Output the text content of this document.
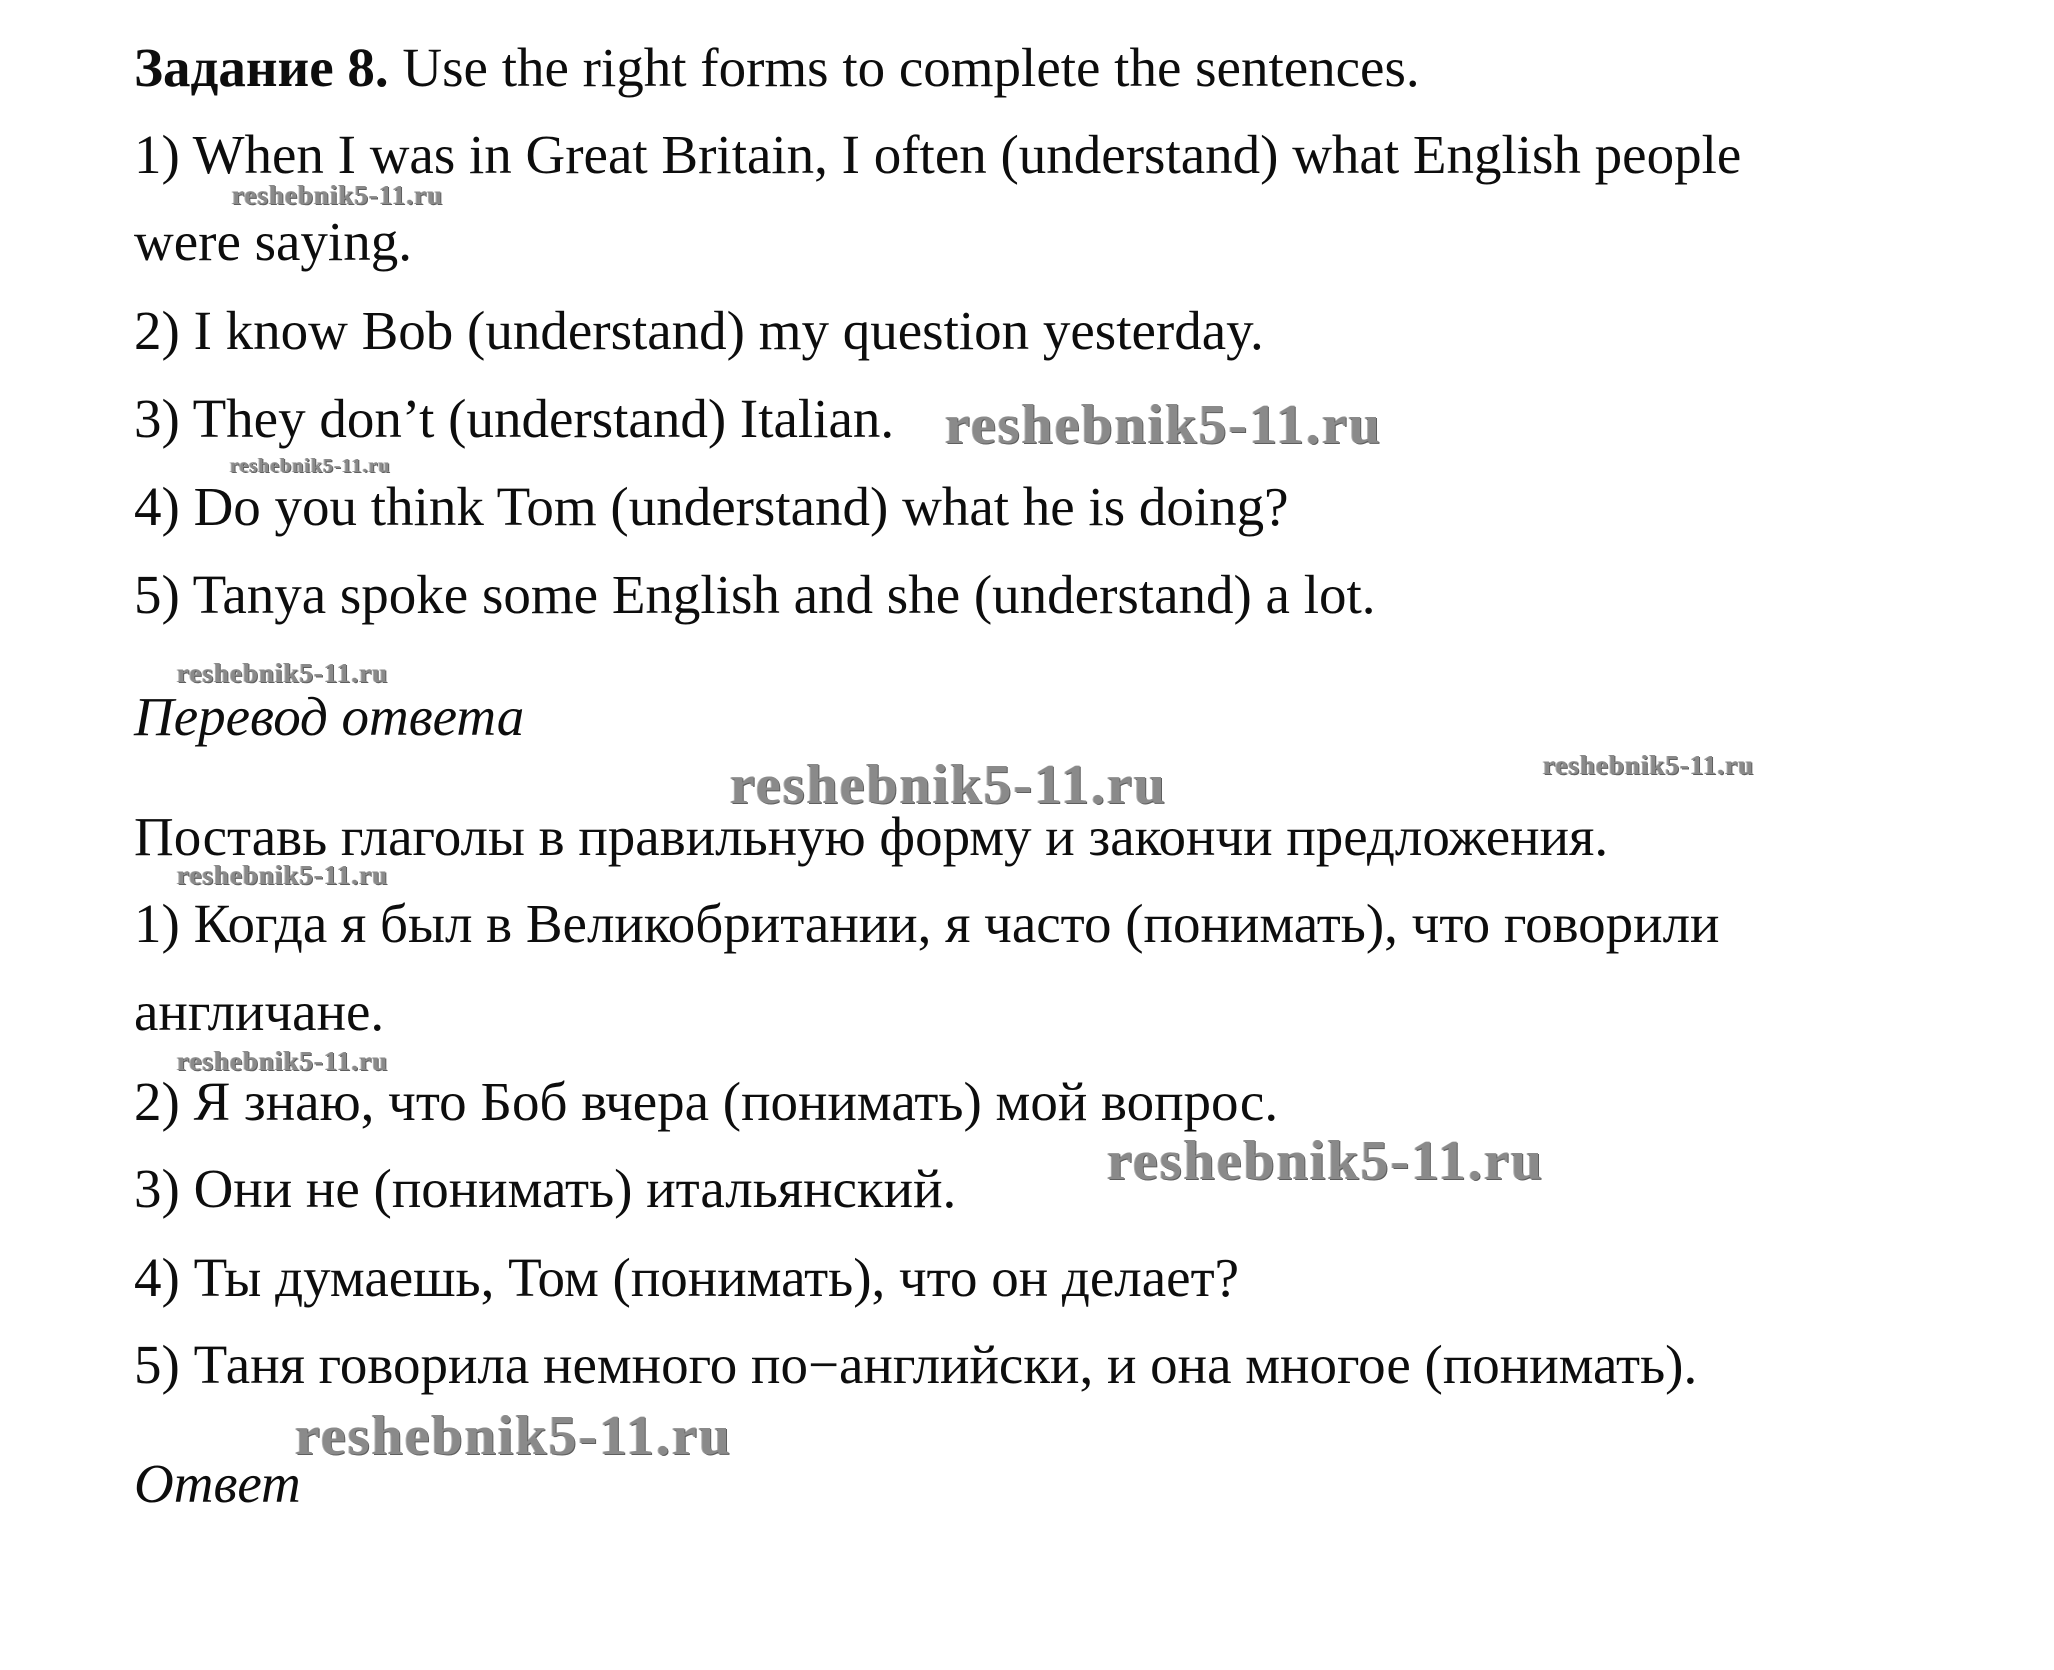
Задание 8. Use the right forms to complete the sentences.
1) When I was in Great Britain, I often (understand) what English people
were saying.
2) I know Bob (understand) my question yesterday.
3) They don’t (understand) Italian.
4) Do you think Tom (understand) what he is doing?
5) Tanya spoke some English and she (understand) a lot.
Перевод ответа
Поставь глаголы в правильную форму и закончи предложения.
1) Когда я был в Великобритании, я часто (понимать), что говорили
англичане.
2) Я знаю, что Боб вчера (понимать) мой вопрос.
3) Они не (понимать) итальянский.
4) Ты думаешь, Том (понимать), что он делает?
5) Таня говорила немного по−английски, и она многое (понимать).
Ответ
reshebnik5-11.ru
reshebnik5-11.ru
reshebnik5-11.ru
reshebnik5-11.ru
reshebnik5-11.ru	reshebnik5-11.ru
reshebnik5-11.ru
reshebnik5-11.ru
reshebnik5-11.ru
reshebnik5-11.ru
